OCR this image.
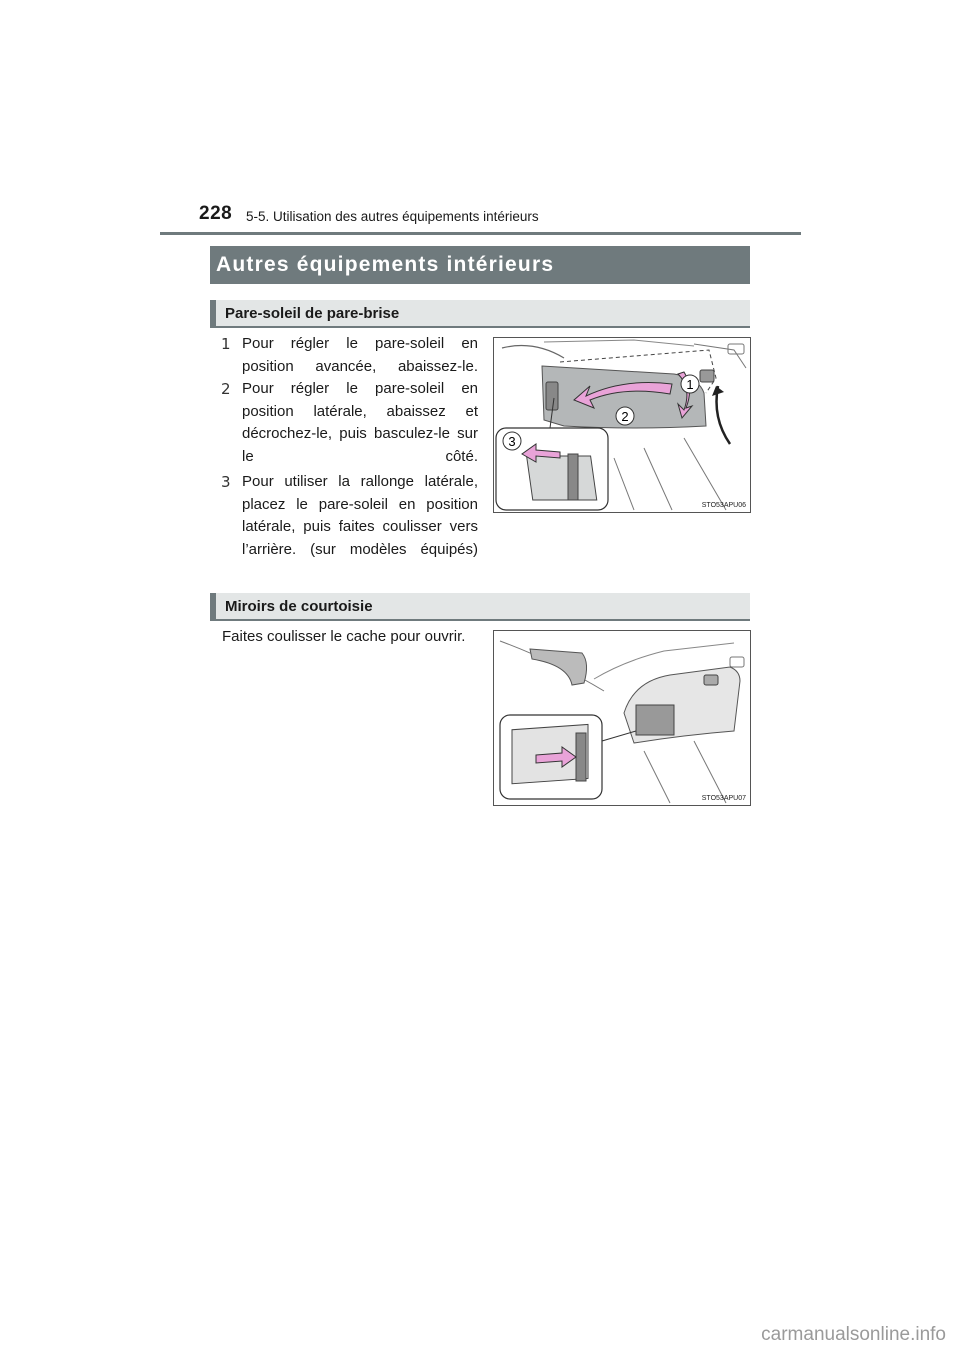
228 5-5. Utilisation des autres équipements intérieurs
Autres équipements intérieurs
Pare-soleil de pare-brise
1
2
3
Pour régler le pare-soleil en position avancée, abaissez-le.
Pour régler le pare-soleil en position latérale, abaissez et décrochez-le, puis basculez-le sur le côté.
Pour utiliser la rallonge latérale, placez le pare-soleil en position latérale, puis faites coulisser vers l’arrière. (sur modèles équipés)
1
2
3
STO53APU06
Miroirs de courtoisie
Faites coulisser le cache pour ouvrir.
STO53APU07
carmanualsonline.info
